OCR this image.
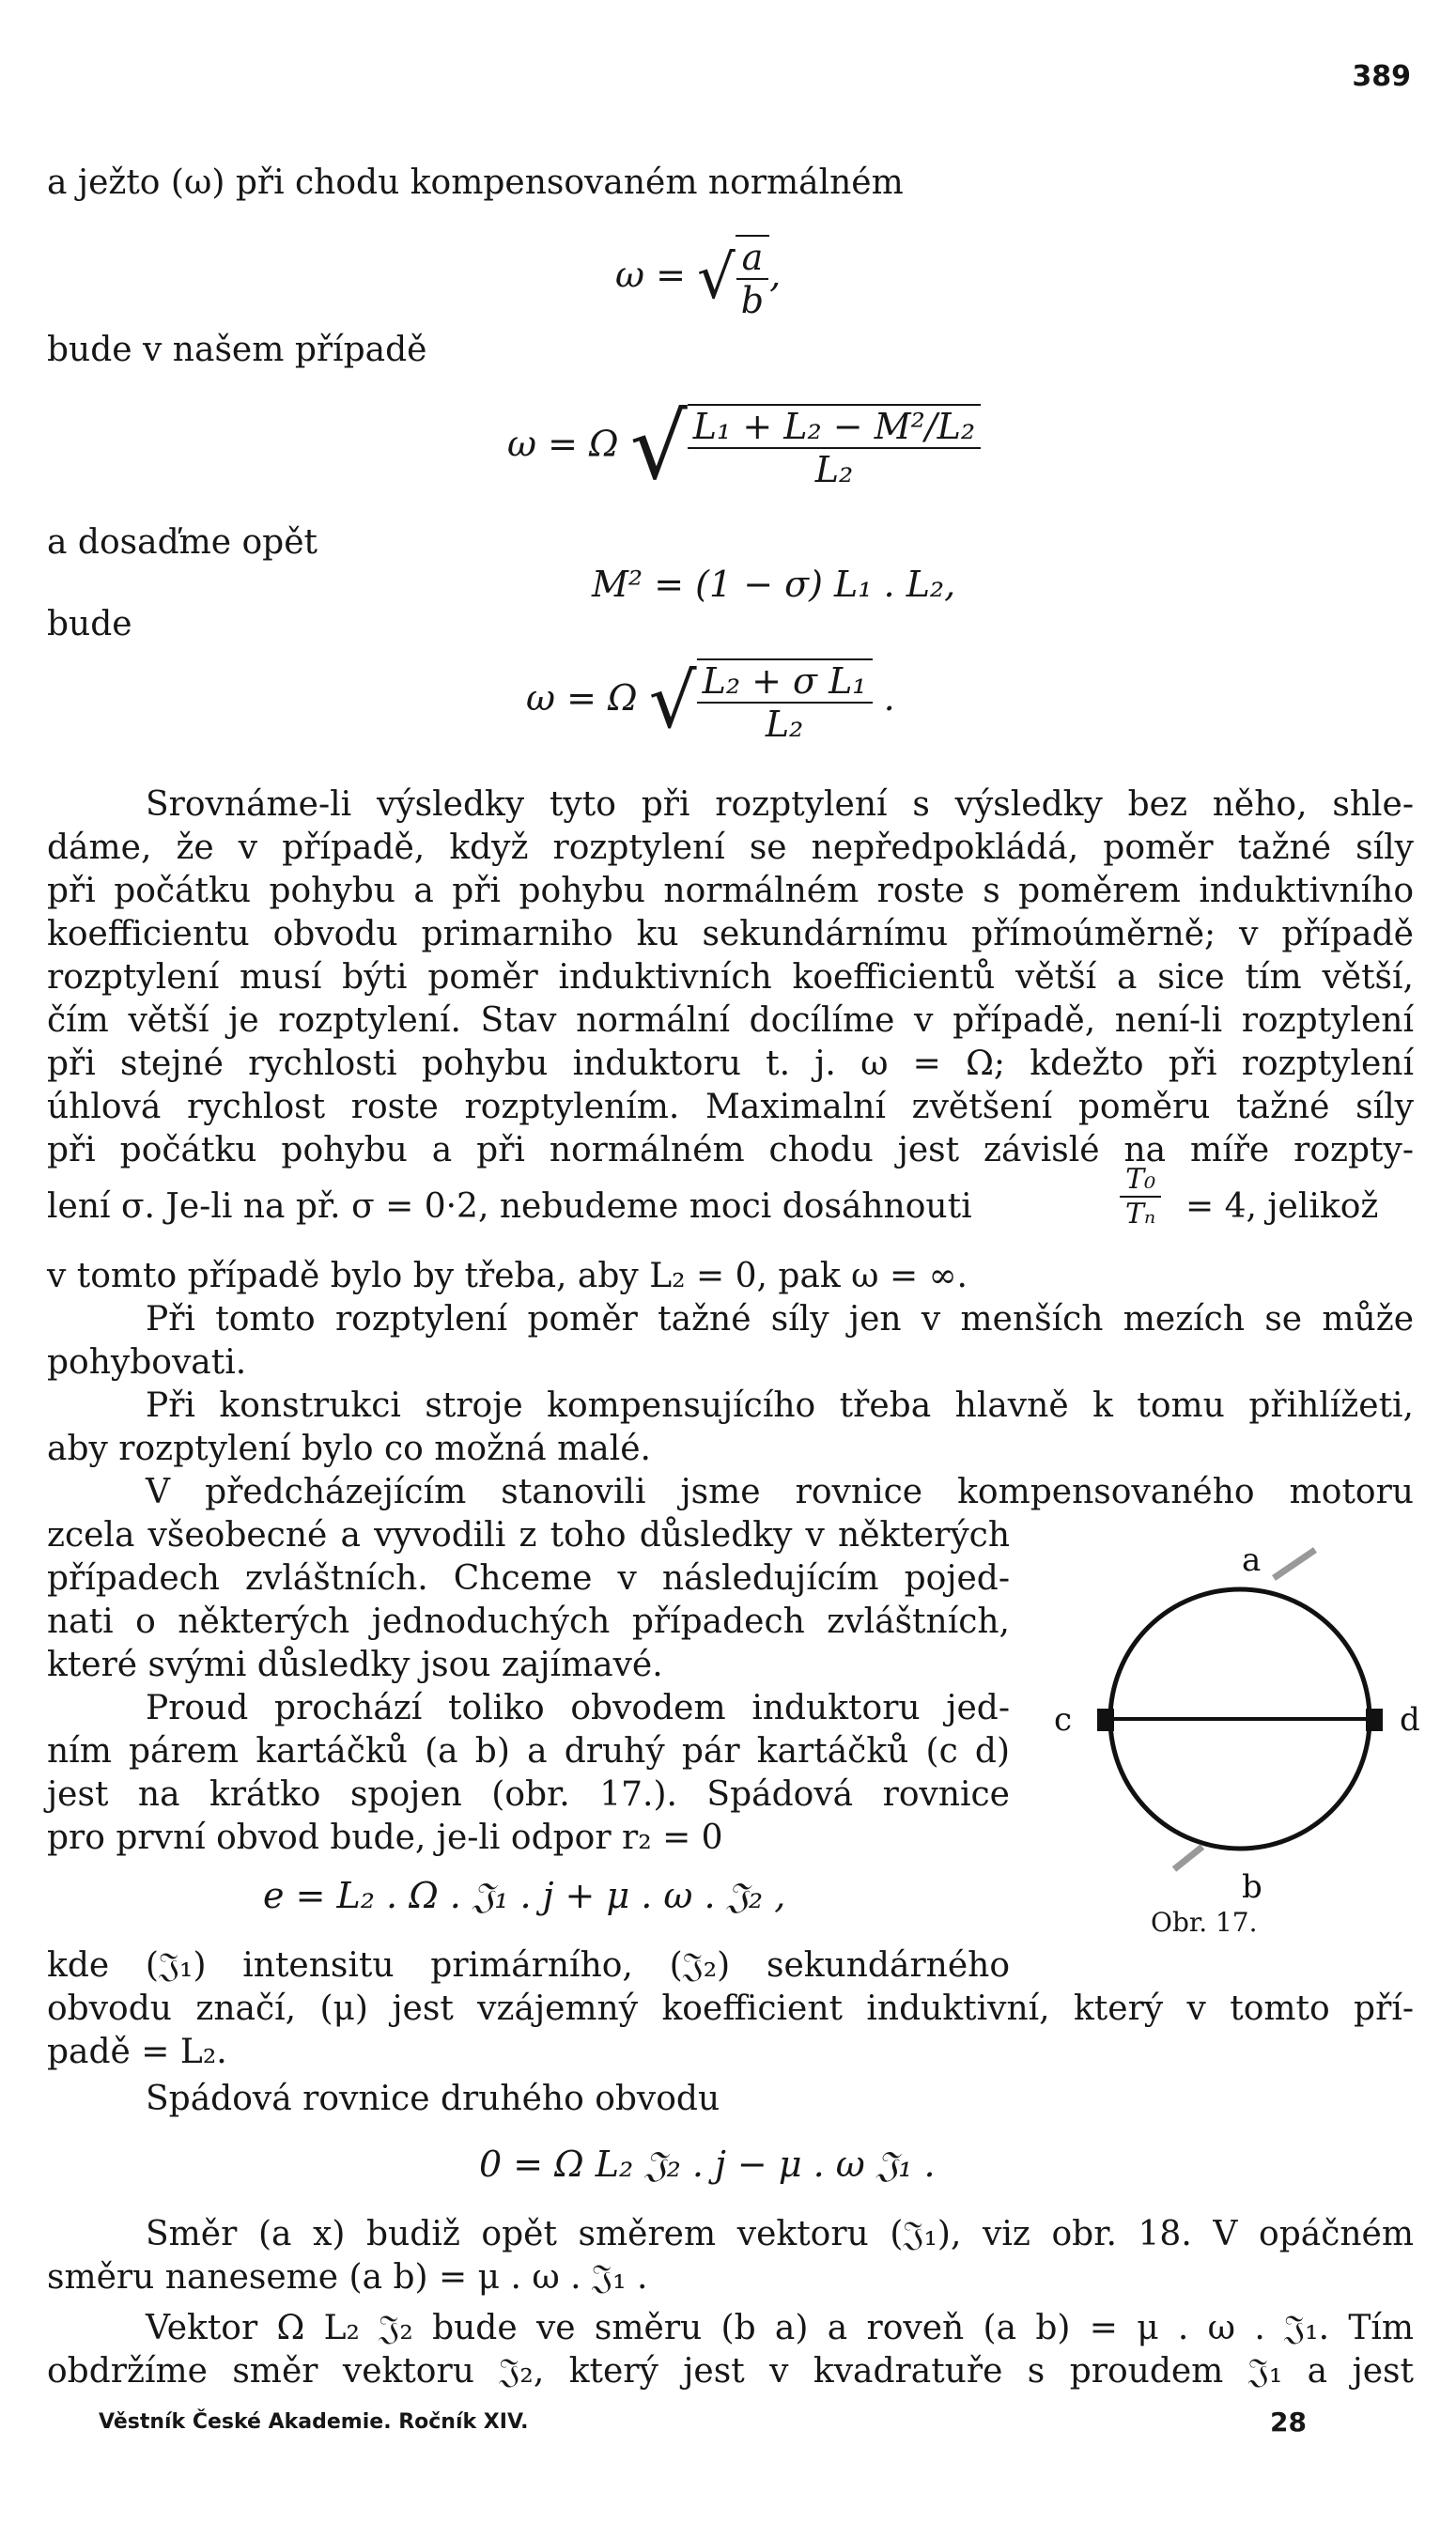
389
a ježto (ω) při chodu kompensovaném normálném
ω = √ $\frac{a}{b}$ ,
bude v našem případě
ω = Ω √ $\frac{\text{L₁ + L₂ − M²/L₂}}{\text{L₂}}$
a dosaďme opět
M² = (1 − σ) L₁ . L₂,
bude
ω = Ω √ $\frac{\text{L₂ + σ L₁}}{\text{L₂}}$ .
Srovnáme-li výsledky tyto při rozptylení s výsledky bez něho, shle-
dáme, že v případě, když rozptylení se nepředpokládá, poměr tažné síly
při počátku pohybu a při pohybu normálném roste s poměrem induktivního
koefficientu obvodu primarniho ku sekundárnímu přímoúměrně; v případě
rozptylení musí býti poměr induktivních koefficientů větší a sice tím větší,
čím větší je rozptylení. Stav normální docílíme v případě, není-li rozptylení
při stejné rychlosti pohybu induktoru t. j. ω = Ω; kdežto při rozptylení
úhlová rychlost roste rozptylením. Maximalní zvětšení poměru tažné síly
při počátku pohybu a při normálném chodu jest závislé na míře rozpty-
lení σ. Je-li na př. σ = 0·2, nebudeme moci dosáhnouti	$\frac{\text{T₀}}{\text{Tₙ}} = 4$, jelikož
v tomto případě bylo by třeba, aby L₂ = 0, pak ω = ∞.
Při tomto rozptylení poměr tažné síly jen v menších mezích se může
pohybovati.
Při konstrukci stroje kompensujícího třeba hlavně k tomu přihlížeti,
aby rozptylení bylo co možná malé.
V předcházejícím stanovili jsme rovnice kompensovaného motoru
zcela všeobecné a vyvodili z toho důsledky v některých
případech zvláštních. Chceme v následujícím pojed-
nati o některých jednoduchých případech zvláštních,
které svými důsledky jsou zajímavé.
Proud prochází toliko obvodem induktoru jed-
ním párem kartáčků (a b) a druhý pár kartáčků (c d)
jest na krátko spojen (obr. 17.). Spádová rovnice
pro první obvod bude, je-li odpor r₂ = 0
e = L₂ . Ω . 𝔍₁ . j + μ . ω . 𝔍₂ ,
kde (𝔍₁) intensitu primárního, (𝔍₂) sekundárného
obvodu značí, (μ) jest vzájemný koefficient induktivní, který v tomto pří-
padě = L₂.
Spádová rovnice druhého obvodu
0 = Ω L₂ 𝔍₂ . j − μ . ω 𝔍₁ .
Směr (a x) budiž opět směrem vektoru (𝔍₁), viz obr. 18. V opáčném
směru naneseme (a b) = μ . ω . 𝔍₁ .
Vektor Ω L₂ 𝔍₂ bude ve směru (b a) a roveň (a b) = μ . ω . 𝔍₁. Tím
obdržíme směr vektoru 𝔍₂, který jest v kvadratuře s proudem 𝔍₁ a jest
a
b
c	d
Obr. 17.
Věstník České Akademie. Ročník XIV.	28
